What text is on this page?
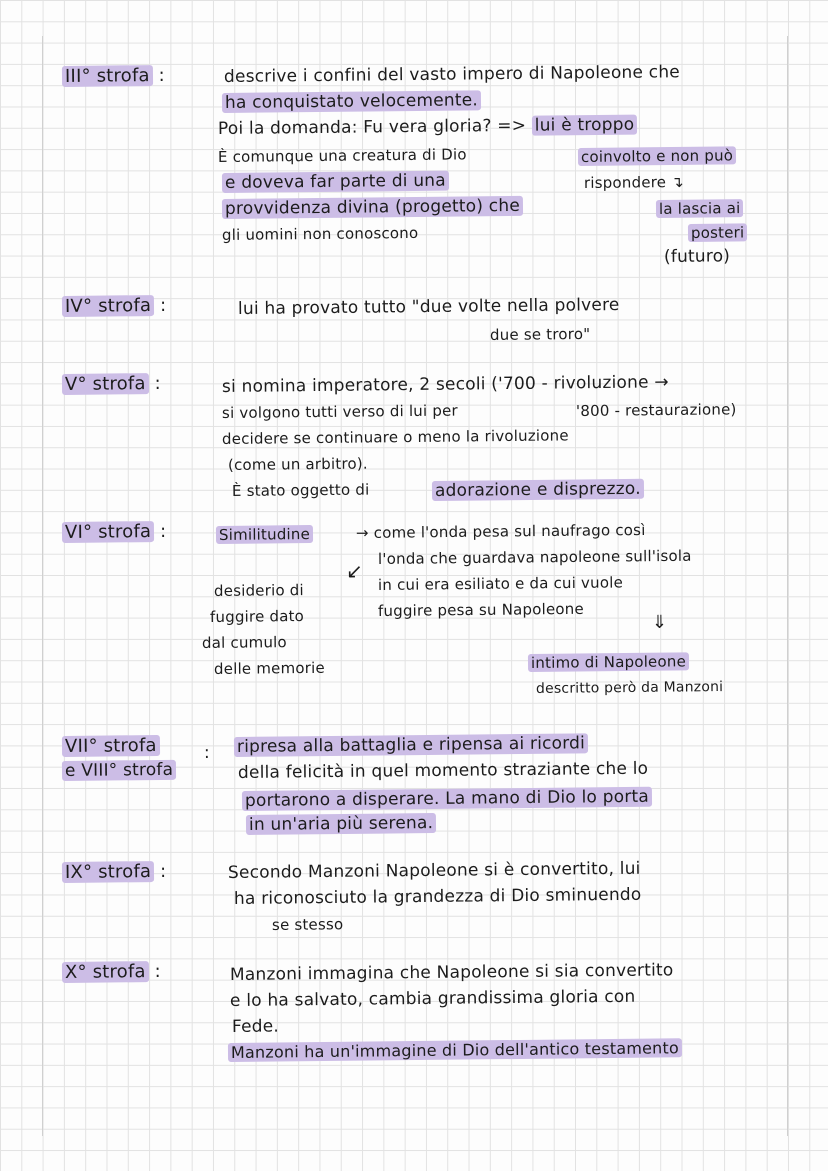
III° strofa :	descrive i confini del vasto impero di Napoleone che
ha conquistato velocemente.
Poi la domanda: Fu vera gloria? => lui è troppo
È comunque una creatura di Dio	coinvolto e non può
e doveva far parte di una	rispondere ↴
provvidenza divina (progetto) che	la lascia ai
gli uomini non conoscono	posteri
(futuro)
IV° strofa :	lui ha provato tutto "due volte nella polvere
due se troro"
V° strofa :	si nomina imperatore, 2 secoli ('700 - rivoluzione →
si volgono tutti verso di lui per	'800 - restaurazione)
decidere se continuare o meno la rivoluzione
(come un arbitro).
È stato oggetto di	adorazione e disprezzo.
VI° strofa :	Similitudine	→ come l'onda pesa sul naufrago così
l'onda che guardava napoleone sull'isola
in cui era esiliato e da cui vuole
fuggire pesa su Napoleone
⇓
↙
desiderio di
fuggire dato
dal cumulo
delle memorie	intimo di Napoleone
descritto però da Manzoni
VII° strofa
e VIII° strofa
: ripresa alla battaglia e ripensa ai ricordi
della felicità in quel momento straziante che lo
portarono a disperare. La mano di Dio lo porta
in un'aria più serena.
IX° strofa :	Secondo Manzoni Napoleone si è convertito, lui
ha riconosciuto la grandezza di Dio sminuendo
se stesso
X° strofa :	Manzoni immagina che Napoleone si sia convertito
e lo ha salvato, cambia grandissima gloria con
Fede.
Manzoni ha un'immagine di Dio dell'antico testamento
